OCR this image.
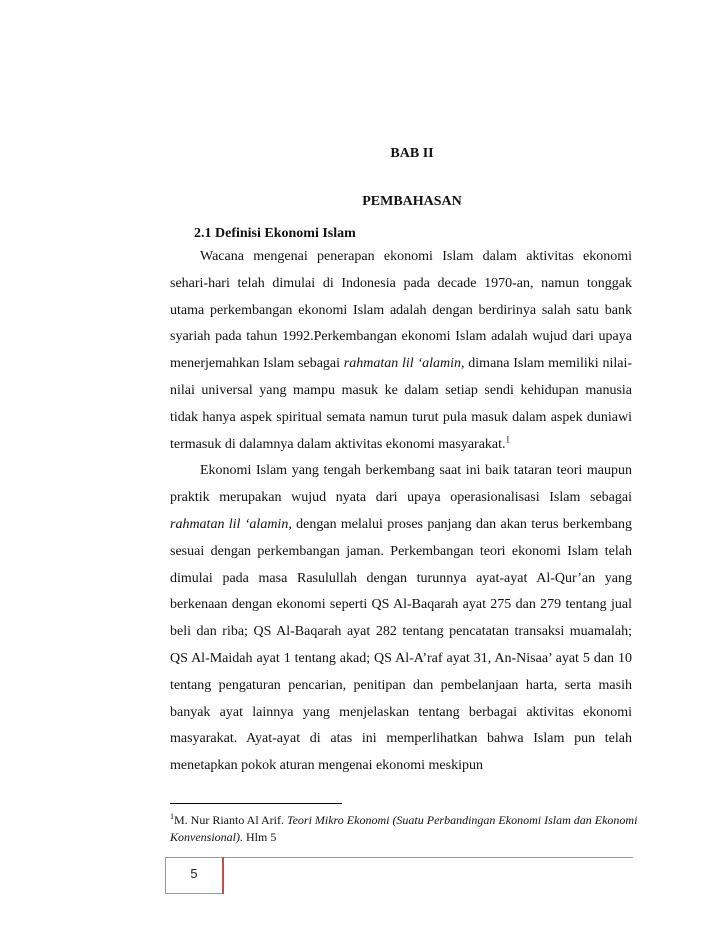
BAB II
PEMBAHASAN
2.1 Definisi Ekonomi Islam

Wacana mengenai penerapan ekonomi Islam dalam aktivitas ekonomi sehari-hari telah dimulai di Indonesia pada decade 1970-an, namun tonggak utama perkembangan ekonomi Islam adalah dengan berdirinya salah satu bank syariah pada tahun 1992.Perkembangan ekonomi Islam adalah wujud dari upaya menerjemahkan Islam sebagai rahmatan lil ‘alamin, dimana Islam memiliki nilai-nilai universal yang mampu masuk ke dalam setiap sendi kehidupan manusia tidak hanya aspek spiritual semata namun turut pula masuk dalam aspek duniawi termasuk di dalamnya dalam aktivitas ekonomi masyarakat.$^1$

Ekonomi Islam yang tengah berkembang saat ini baik tataran teori maupun praktik merupakan wujud nyata dari upaya operasionalisasi Islam sebagai rahmatan lil ‘alamin, dengan melalui proses panjang dan akan terus berkembang sesuai dengan perkembangan jaman. Perkembangan teori ekonomi Islam telah dimulai pada masa Rasulullah dengan turunnya ayat-ayat Al-Qur’an yang berkenaan dengan ekonomi seperti QS Al-Baqarah ayat 275 dan 279 tentang jual beli dan riba; QS Al-Baqarah ayat 282 tentang pencatatan transaksi muamalah; QS Al-Maidah ayat 1 tentang akad; QS Al-A’raf ayat 31, An-Nisaa’ ayat 5 dan 10 tentang pengaturan pencarian, penitipan dan pembelanjaan harta, serta masih banyak ayat lainnya yang menjelaskan tentang berbagai aktivitas ekonomi masyarakat. Ayat-ayat di atas ini memperlihatkan bahwa Islam pun telah menetapkan pokok aturan mengenai ekonomi meskipun

$^1$M. Nur Rianto Al Arif. Teori Mikro Ekonomi (Suatu Perbandingan Ekonomi Islam dan Ekonomi Konvensional). Hlm 5
5
